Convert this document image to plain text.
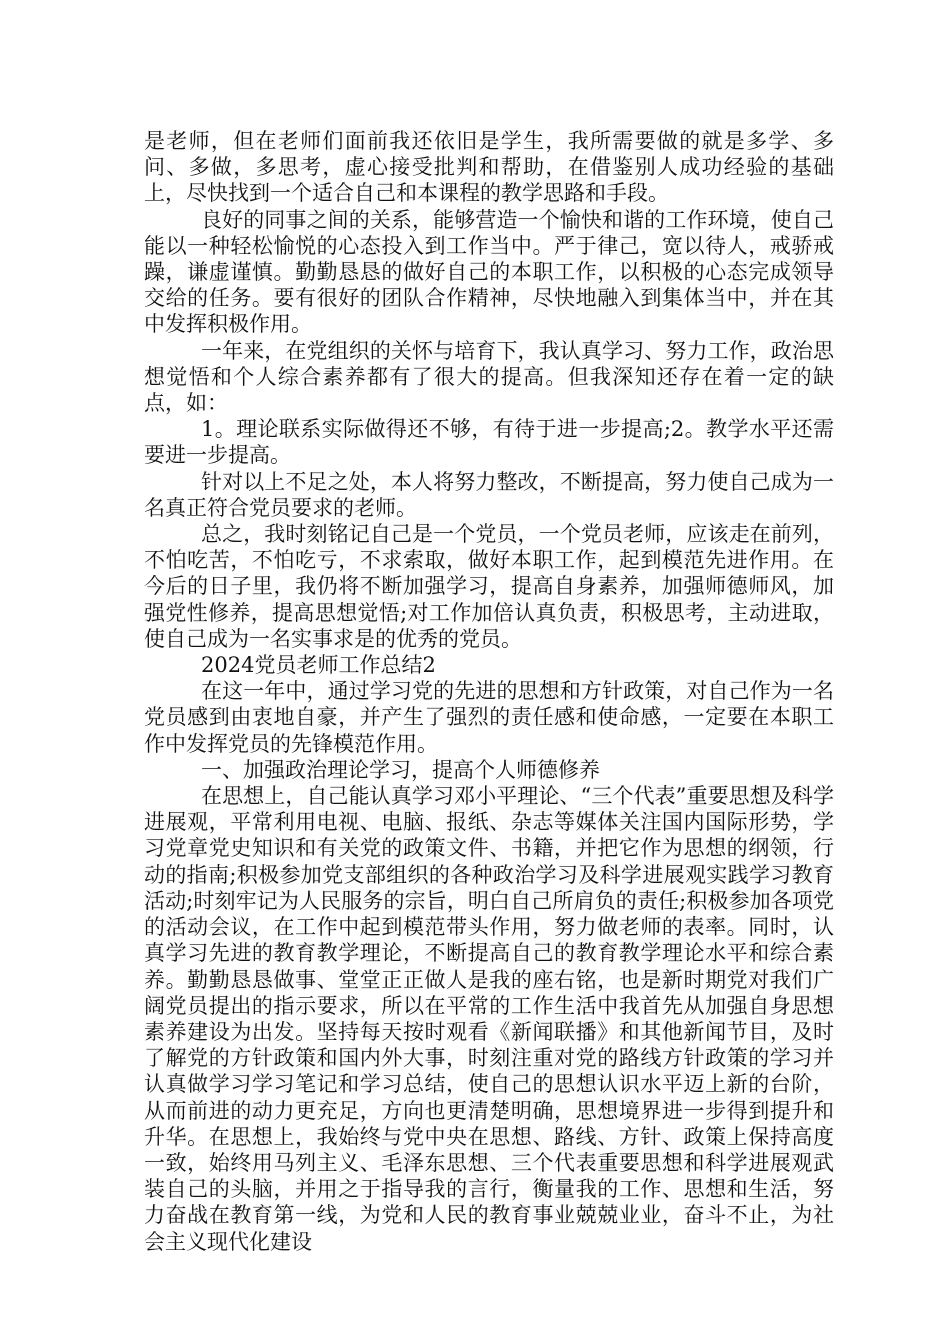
是老师，但在老师们面前我还依旧是学生，我所需要做的就是多学、多问、多做，多思考，虚心接受批判和帮助，在借鉴别人成功经验的基础上，尽快找到一个适合自己和本课程的教学思路和手段。

良好的同事之间的关系，能够营造一个愉快和谐的工作环境，使自己能以一种轻松愉悦的心态投入到工作当中。严于律己，宽以待人，戒骄戒躁，谦虚谨慎。勤勤恳恳的做好自己的本职工作，以积极的心态完成领导交给的任务。要有很好的团队合作精神，尽快地融入到集体当中，并在其中发挥积极作用。

一年来，在党组织的关怀与培育下，我认真学习、努力工作，政治思想觉悟和个人综合素养都有了很大的提高。但我深知还存在着一定的缺点，如：

1。理论联系实际做得还不够，有待于进一步提高;2。教学水平还需要进一步提高。

针对以上不足之处，本人将努力整改，不断提高，努力使自己成为一名真正符合党员要求的老师。

总之，我时刻铭记自己是一个党员，一个党员老师，应该走在前列，不怕吃苦，不怕吃亏，不求索取，做好本职工作，起到模范先进作用。在今后的日子里，我仍将不断加强学习，提高自身素养，加强师德师风，加强党性修养，提高思想觉悟;对工作加倍认真负责，积极思考，主动进取，使自己成为一名实事求是的优秀的党员。

2024党员老师工作总结2

在这一年中，通过学习党的先进的思想和方针政策，对自己作为一名党员感到由衷地自豪，并产生了强烈的责任感和使命感，一定要在本职工作中发挥党员的先锋模范作用。

一、加强政治理论学习，提高个人师德修养

在思想上，自己能认真学习邓小平理论、“三个代表”重要思想及科学进展观，平常利用电视、电脑、报纸、杂志等媒体关注国内国际形势，学习党章党史知识和有关党的政策文件、书籍，并把它作为思想的纲领，行动的指南;积极参加党支部组织的各种政治学习及科学进展观实践学习教育活动;时刻牢记为人民服务的宗旨，明白自己所肩负的责任;积极参加各项党的活动会议，在工作中起到模范带头作用，努力做老师的表率。同时，认真学习先进的教育教学理论，不断提高自己的教育教学理论水平和综合素养。勤勤恳恳做事、堂堂正正做人是我的座右铭，也是新时期党对我们广阔党员提出的指示要求，所以在平常的工作生活中我首先从加强自身思想素养建设为出发。坚持每天按时观看《新闻联播》和其他新闻节目，及时了解党的方针政策和国内外大事，时刻注重对党的路线方针政策的学习并认真做学习学习笔记和学习总结，使自己的思想认识水平迈上新的台阶，从而前进的动力更充足，方向也更清楚明确，思想境界进一步得到提升和升华。在思想上，我始终与党中央在思想、路线、方针、政策上保持高度一致，始终用马列主义、毛泽东思想、三个代表重要思想和科学进展观武装自己的头脑，并用之于指导我的言行，衡量我的工作、思想和生活，努力奋战在教育第一线，为党和人民的教育事业兢兢业业，奋斗不止，为社会主义现代化建设
